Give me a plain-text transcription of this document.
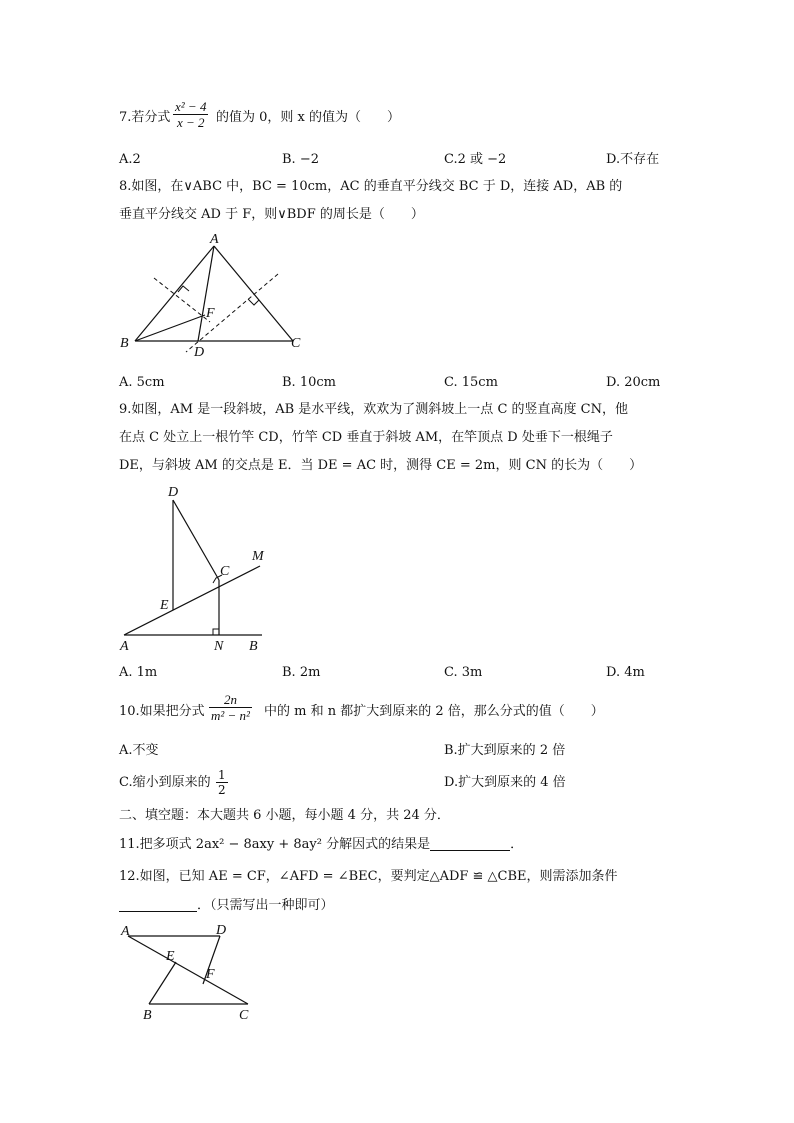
7.若分式
x² − 4
x − 2 的值为 0，则 x 的值为（　　）
A.2	B. −2	C.2 或 −2	D.不存在
8.如图，在∨ABC 中，BC = 10cm，AC 的垂直平分线交 BC 于 D，连接 AD，AB 的
垂直平分线交 AD 于 F，则∨BDF 的周长是（　　）
A
B	C
D
F
A. 5cm	B. 10cm	C. 15cm	D. 20cm
9.如图，AM 是一段斜坡，AB 是水平线，欢欢为了测斜坡上一点 C 的竖直高度 CN，他
在点 C 处立上一根竹竿 CD，竹竿 CD 垂直于斜坡 AM，在竿顶点 D 处垂下一根绳子
DE，与斜坡 AM 的交点是 E．当 DE = AC 时，测得 CE = 2m，则 CN 的长为（　　）
D
M
C
E
A	N B
A. 1m	B. 2m	C. 3m	D. 4m
10.如果把分式
2n
m² − n² 中的 m 和 n 都扩大到原来的 2 倍，那么分式的值（　　）
A.不变	B.扩大到原来的 2 倍
C.缩小到原来的 1
2	D.扩大到原来的 4 倍
二、填空题：本大题共 6 小题，每小题 4 分，共 24 分．
11.把多项式 2ax² − 8axy + 8ay² 分解因式的结果是	．
12.如图，已知 AE = CF，∠AFD = ∠BEC，要判定△ADF ≌ △CBE，则需添加条件
．（只需写出一种即可）
A	D
E
F
B	C
